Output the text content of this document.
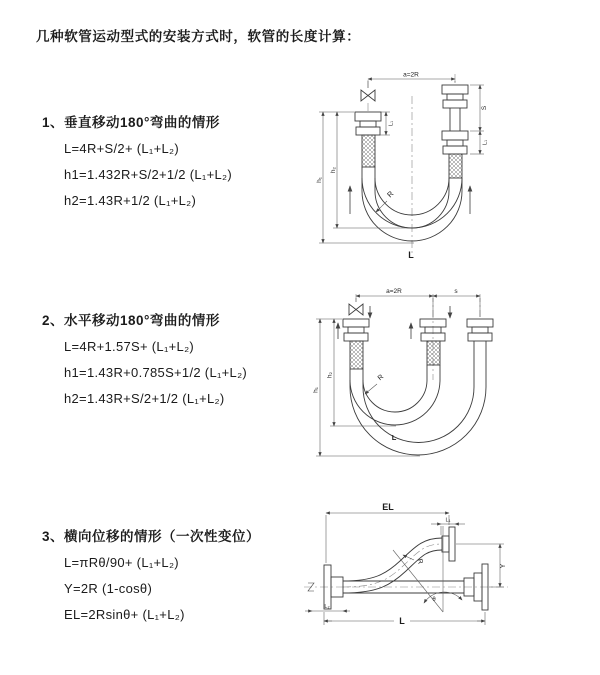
几种软管运动型式的安装方式时，软管的长度计算：
1、垂直移动180°弯曲的情形
L=4R+S/2+ (L₁+L₂)
h1=1.432R+S/2+1/2 (L₁+L₂)
h2=1.43R+1/2 (L₁+L₂)
a=2R
h₁
h₂
S
L₁
L₁
R
L
2、水平移动180°弯曲的情形
L=4R+1.57S+ (L₁+L₂)
h1=1.43R+0.785S+1/2 (L₁+L₂)
h2=1.43R+S/2+1/2 (L₁+L₂)
a=2R	s
h₁
h₂	R
L
3、横向位移的情形（一次性变位）
L=πRθ/90+ (L₁+L₂)
Y=2R (1-cosθ)
EL=2Rsinθ+ (L₁+L₂)
EL
L₁
L₂
R
Y
θ
L
